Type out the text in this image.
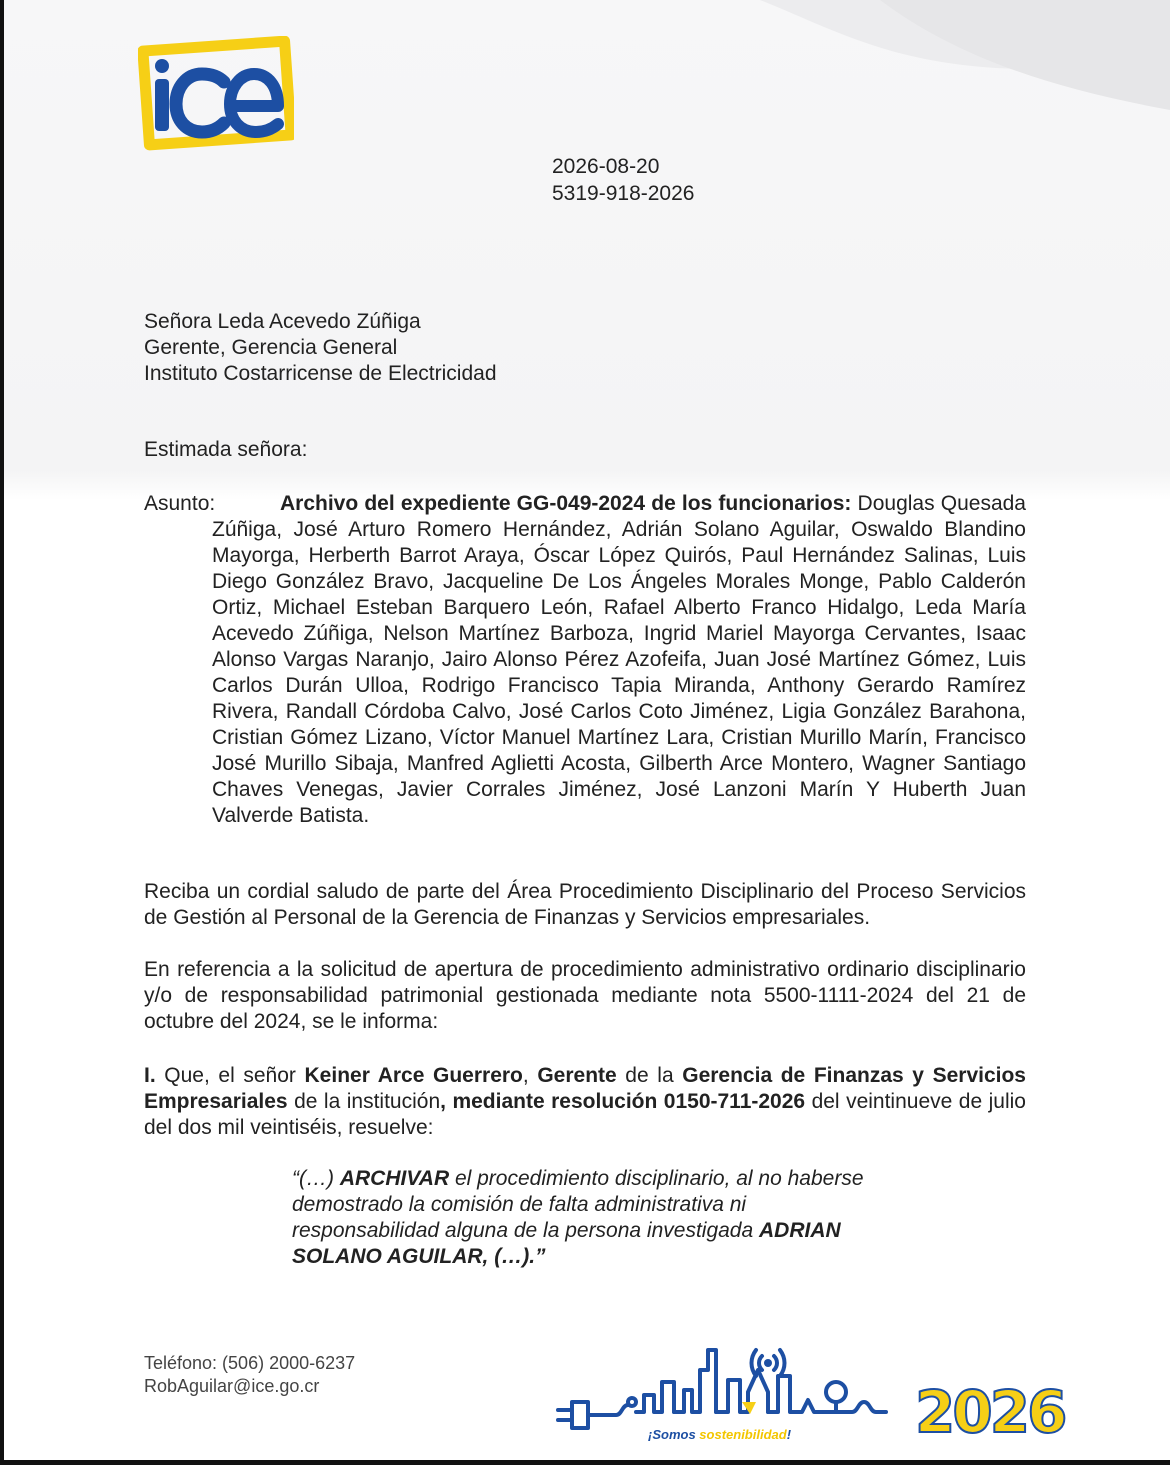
2026-08-20
5319-918-2026
Señora Leda Acevedo Zúñiga
Gerente, Gerencia General
Instituto Costarricense de Electricidad
Estimada señora:
Asunto:	Archivo del expediente GG-049-2024 de los funcionarios: Douglas Quesada Zúñiga, José Arturo Romero Hernández, Adrián Solano Aguilar, Oswaldo Blandino Mayorga, Herberth Barrot Araya, Óscar López Quirós, Paul Hernández Salinas, Luis Diego González Bravo, Jacqueline De Los Ángeles Morales Monge, Pablo Calderón Ortiz, Michael Esteban Barquero León, Rafael Alberto Franco Hidalgo, Leda María Acevedo Zúñiga, Nelson Martínez Barboza, Ingrid Mariel Mayorga Cervantes, Isaac Alonso Vargas Naranjo, Jairo Alonso Pérez Azofeifa, Juan José Martínez Gómez, Luis Carlos Durán Ulloa, Rodrigo Francisco Tapia Miranda, Anthony Gerardo Ramírez Rivera, Randall Córdoba Calvo, José Carlos Coto Jiménez, Ligia González Barahona, Cristian Gómez Lizano, Víctor Manuel Martínez Lara, Cristian Murillo Marín, Francisco José Murillo Sibaja, Manfred Aglietti Acosta, Gilberth Arce Montero, Wagner Santiago Chaves Venegas, Javier Corrales Jiménez, José Lanzoni Marín Y Huberth Juan Valverde Batista.
Reciba un cordial saludo de parte del Área Procedimiento Disciplinario del Proceso Servicios de Gestión al Personal de la Gerencia de Finanzas y Servicios empresariales.
En referencia a la solicitud de apertura de procedimiento administrativo ordinario disciplinario y/o de responsabilidad patrimonial gestionada mediante nota 5500-1111-2024 del 21 de octubre del 2024, se le informa:
I. Que, el señor Keiner Arce Guerrero, Gerente de la Gerencia de Finanzas y Servicios Empresariales de la institución, mediante resolución 0150-711-2026 del veintinueve de julio del dos mil veintiséis, resuelve:
“(…) ARCHIVAR el procedimiento disciplinario, al no haberse demostrado la comisión de falta administrativa ni responsabilidad alguna de la persona investigada ADRIAN SOLANO AGUILAR, (…).”
Teléfono: (506) 2000-6237
RobAguilar@ice.go.cr
¡Somos sostenibilidad! 2026
